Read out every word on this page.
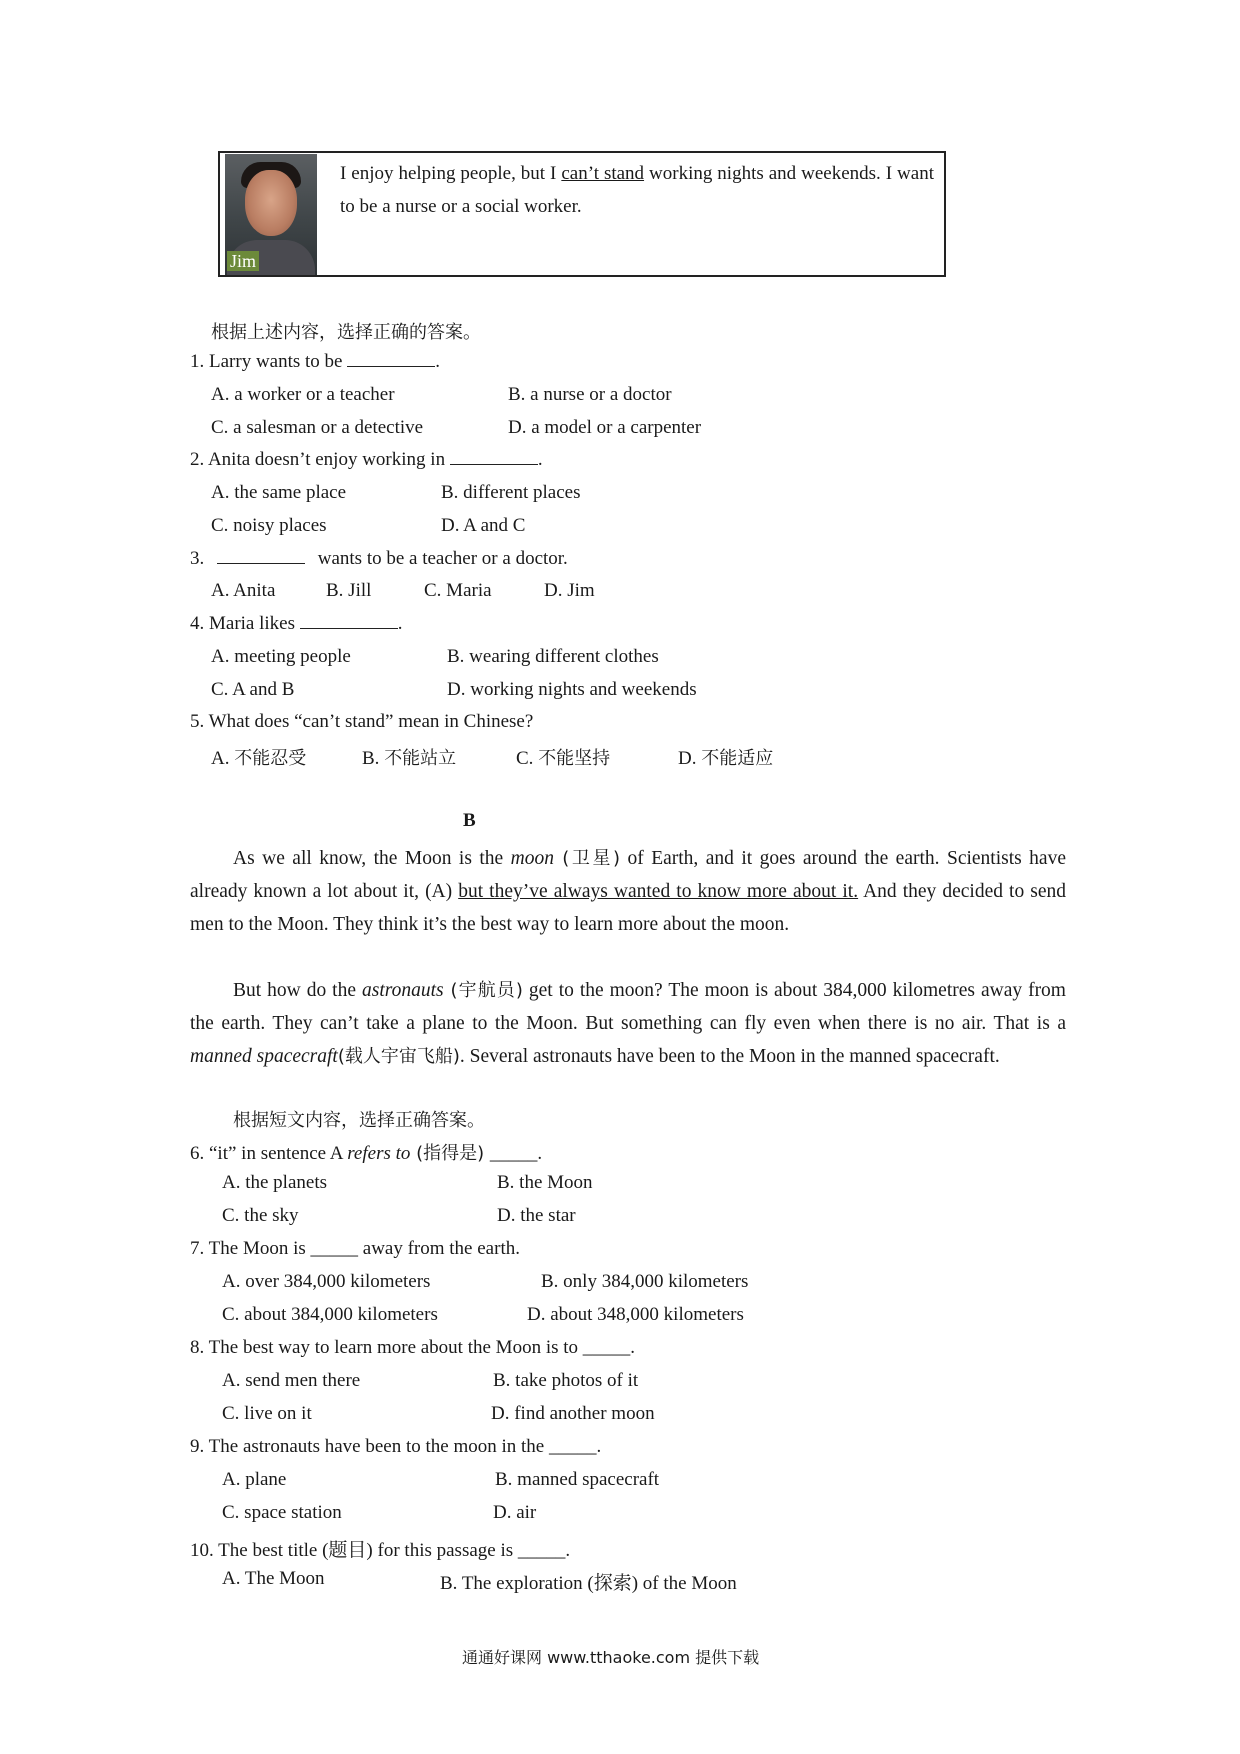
Jim
I enjoy helping people, but I can’t stand working nights and weekends. I want to be a nurse or a social worker.
根据上述内容，选择正确的答案。
1. Larry wants to be	.
A. a worker or a teacher	B. a nurse or a doctor
C. a salesman or a detective	D. a model or a carpenter
2. Anita doesn’t enjoy working in	.
A. the same place	B. different places
C. noisy places	D. A and C
3.	wants to be a teacher or a doctor.
A. Anita	B. Jill	C. Maria	D. Jim
4. Maria likes	.
A. meeting people	B. wearing different clothes
C. A and B	D. working nights and weekends
5. What does “can’t stand” mean in Chinese?
A. 不能忍受	B. 不能站立	C. 不能坚持	D. 不能适应
B
As we all know, the Moon is the moon (卫星) of Earth, and it goes around the earth. Scientists have already known a lot about it, (A) but they’ve always wanted to know more about it. And they decided to send men to the Moon. They think it’s the best way to learn more about the moon.
But how do the astronauts (宇航员) get to the moon? The moon is about 384,000 kilometres away from the earth. They can’t take a plane to the Moon. But something can fly even when there is no air. That is a manned spacecraft(载人宇宙飞船). Several astronauts have been to the Moon in the manned spacecraft.
根据短文内容，选择正确答案。
6. “it” in sentence A refers to (指得是) _____.
A. the planets	B. the Moon
C. the sky	D. the star
7. The Moon is _____ away from the earth.
A. over 384,000 kilometers	B. only 384,000 kilometers
C. about 384,000 kilometers	D. about 348,000 kilometers
8. The best way to learn more about the Moon is to _____.
A. send men there	B. take photos of it
C. live on it	D. find another moon
9. The astronauts have been to the moon in the _____.
A. plane	B. manned spacecraft
C. space station	D. air
10. The best title (题目) for this passage is _____.
A. The Moon	B. The exploration (探索) of the Moon
通通好课网 www.tthaoke.com 提供下载
